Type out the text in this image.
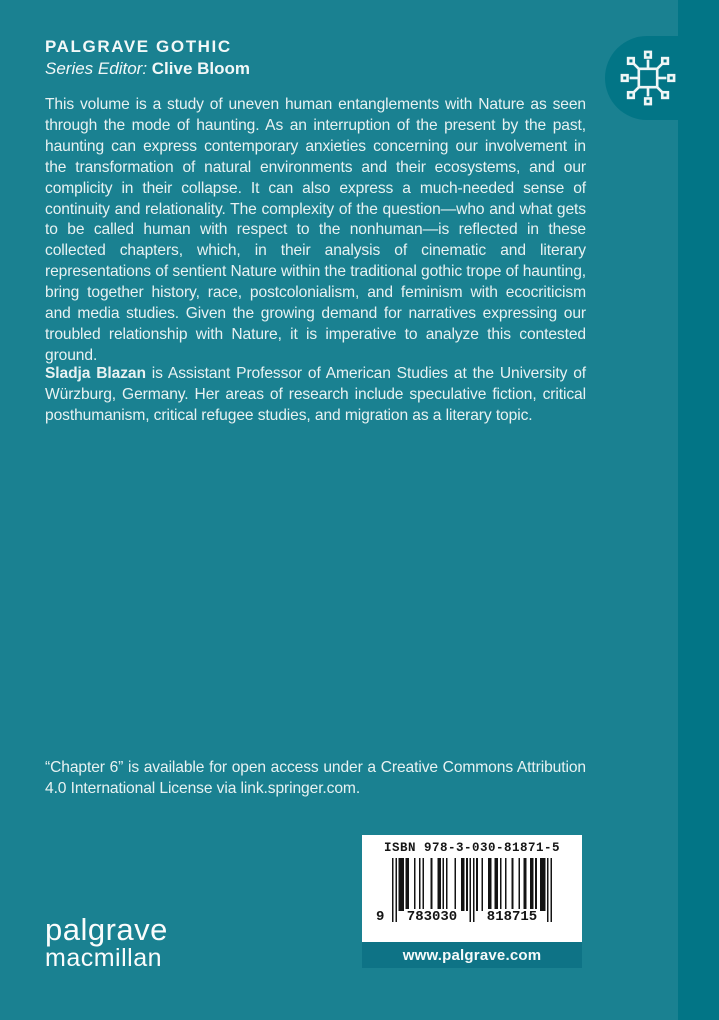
PALGRAVE GOTHIC
Series Editor: Clive Bloom

This volume is a study of uneven human entanglements with Nature as seen through the mode of haunting. As an interruption of the present by the past, haunting can express contemporary anxieties concerning our involvement in the transformation of natural environments and their ecosystems, and our complicity in their collapse. It can also express a much-needed sense of continuity and relationality. The complexity of the question—who and what gets to be called human with respect to the nonhuman—is reflected in these collected chapters, which, in their analysis of cinematic and literary representations of sentient Nature within the traditional gothic trope of haunting, bring together history, race, postcolonialism, and feminism with ecocriticism and media studies. Given the growing demand for narratives expressing our troubled relationship with Nature, it is imperative to analyze this contested ground.

Sladja Blazan is Assistant Professor of American Studies at the University of Würzburg, Germany. Her areas of research include speculative fiction, critical posthumanism, critical refugee studies, and migration as a literary topic.

“Chapter 6” is available for open access under a Creative Commons Attribution 4.0 International License via link.springer.com.

ISBN 978-3-030-81871-5
9 783030 818715
www.palgrave.com
palgrave
macmillan
